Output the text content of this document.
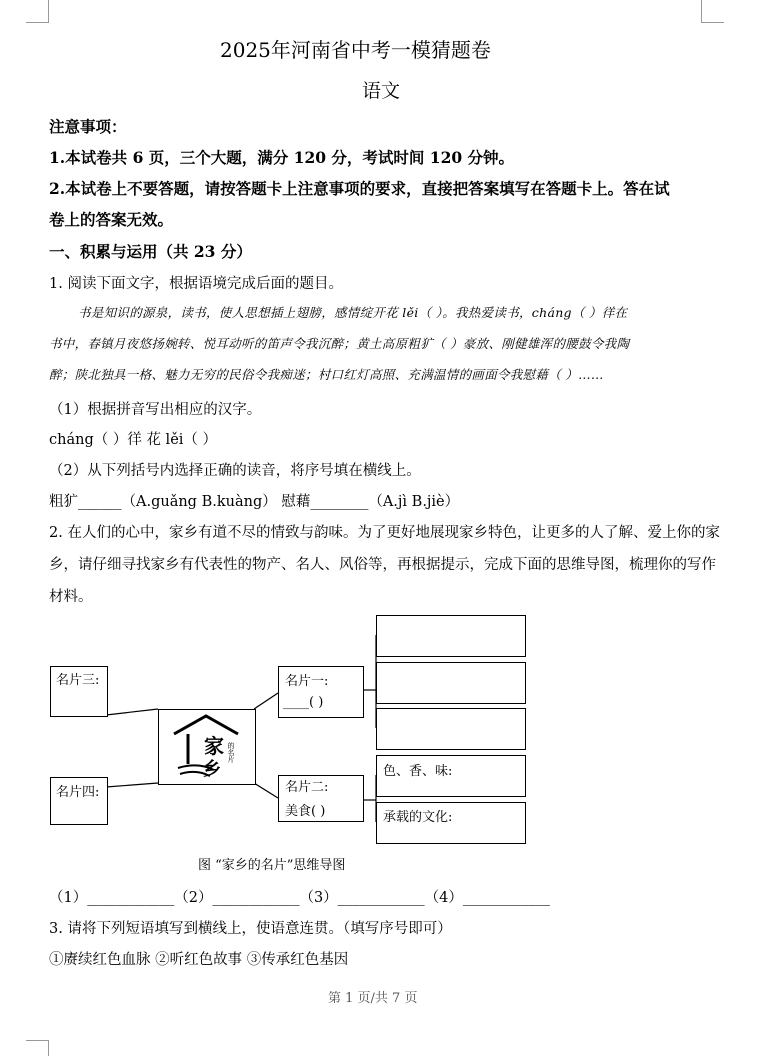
2025年河南省中考一模猜题卷
语文
注意事项：
1.本试卷共 6 页，三个大题，满分 120 分，考试时间 120 分钟。
2.本试卷上不要答题，请按答题卡上注意事项的要求，直接把答案填写在答题卡上。答在试
卷上的答案无效。
一、积累与运用（共 23 分）
1. 阅读下面文字，根据语境完成后面的题目。
书是知识的源泉，读书，使人思想插上翅膀，感情绽开花 lěi（ ）。我热爱读书，cháng（ ）徉在
书中，春镇月夜悠扬婉转、悦耳动听的笛声令我沉醉；黄土高原粗犷（ ）豪放、刚健雄浑的腰鼓令我陶
醉；陕北独具一格、魅力无穷的民俗令我痴迷；村口红灯高照、充满温情的画面令我慰藉（ ）……
（1）根据拼音写出相应的汉字。
cháng（ ）徉 花 lěi（ ）
（2）从下列括号内选择正确的读音，将序号填在横线上。
粗犷______（A.guǎng B.kuàng） 慰藉________（A.jì B.jiè）
2. 在人们的心中，家乡有道不尽的情致与韵味。为了更好地展现家乡特色，让更多的人了解、爱上你的家
乡，请仔细寻找家乡有代表性的物产、名人、风俗等，再根据提示，完成下面的思维导图，梳理你的写作
材料。
名片三:
名片四:
家
乡
的名片
名片一:
____( )
名片二:
美食( )
色、香、味:
承载的文化:
图 “家乡的名片”思维导图
（1）____________（2）____________（3）____________（4）____________
3. 请将下列短语填写到横线上，使语意连贯。（填写序号即可）
①赓续红色血脉 ②听红色故事 ③传承红色基因
第 1 页/共 7 页
